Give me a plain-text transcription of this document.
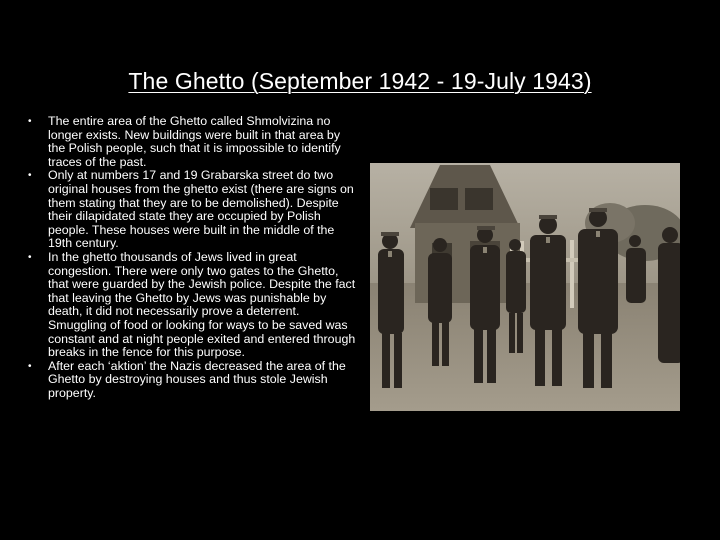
The Ghetto (September 1942 - 19-July 1943)
• The entire area of the Ghetto called Shmolvizina no longer exists. New buildings were built in that area by the Polish people, such that it is impossible to identify traces of the past.
• Only at numbers 17 and 19 Grabarska street do two original houses from the ghetto exist (there are signs on them stating that they are to be demolished). Despite their dilapidated state they are occupied by Polish people. These houses were built in the middle of the 19th century.
• In the ghetto thousands of Jews lived in great congestion. There were only two gates to the Ghetto, that were guarded by the Jewish police. Despite the fact that leaving the Ghetto by Jews was punishable by death, it did not necessarily prove a deterrent. Smuggling of food or looking for ways to be saved was constant and at night people exited and entered through breaks in the fence for this purpose.
• After each ‘aktion’ the Nazis decreased the area of the Ghetto by destroying houses and thus stole Jewish property.
